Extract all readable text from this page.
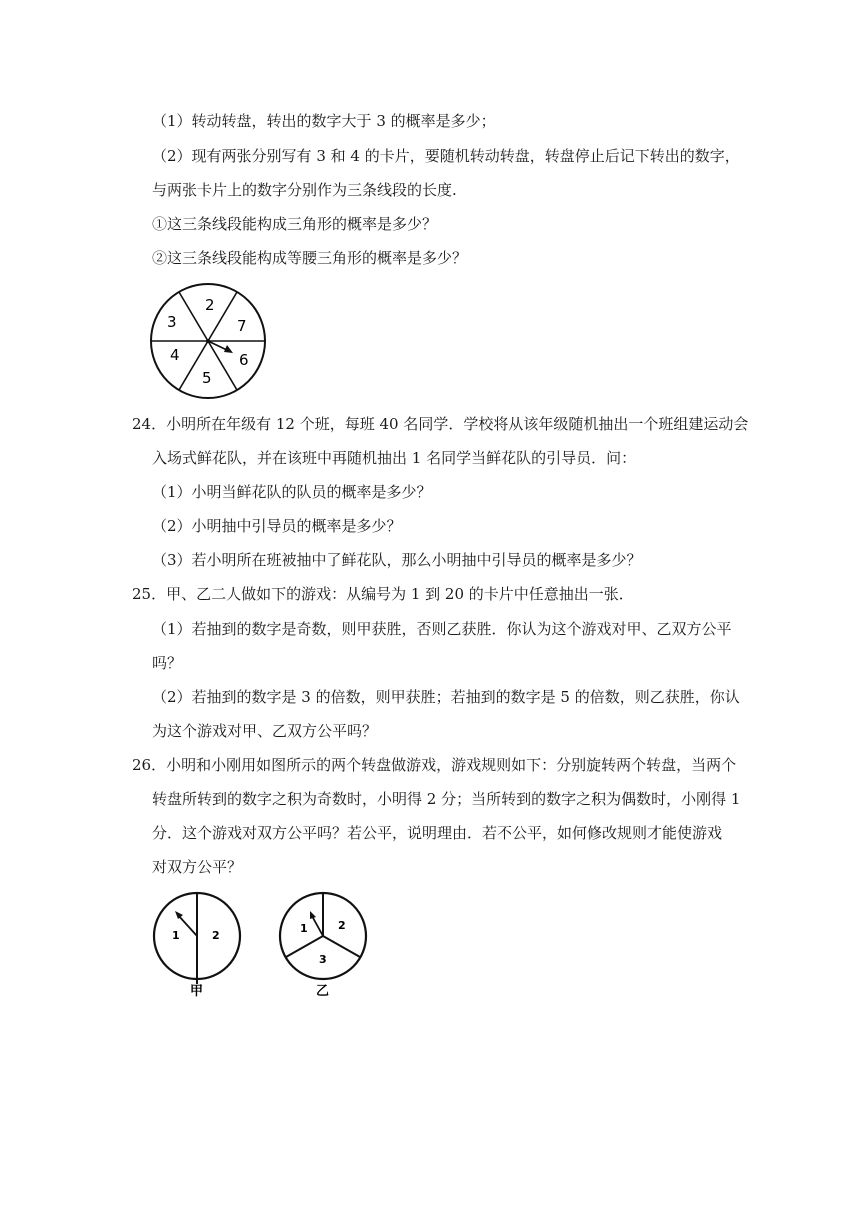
（1）转动转盘，转出的数字大于 3 的概率是多少；
（2）现有两张分别写有 3 和 4 的卡片，要随机转动转盘，转盘停止后记下转出的数字，
与两张卡片上的数字分别作为三条线段的长度.
①这三条线段能构成三角形的概率是多少？
②这三条线段能构成等腰三角形的概率是多少？
2
7
6
5
4
3
24．小明所在年级有 12 个班，每班 40 名同学．学校将从该年级随机抽出一个班组建运动会
入场式鲜花队，并在该班中再随机抽出 1 名同学当鲜花队的引导员．问：
（1）小明当鲜花队的队员的概率是多少？
（2）小明抽中引导员的概率是多少？
（3）若小明所在班被抽中了鲜花队，那么小明抽中引导员的概率是多少？
25．甲、乙二人做如下的游戏：从编号为 1 到 20 的卡片中任意抽出一张．
（1）若抽到的数字是奇数，则甲获胜，否则乙获胜．你认为这个游戏对甲、乙双方公平
吗？
（2）若抽到的数字是 3 的倍数，则甲获胜；若抽到的数字是 5 的倍数，则乙获胜，你认
为这个游戏对甲、乙双方公平吗？
26．小明和小刚用如图所示的两个转盘做游戏，游戏规则如下：分别旋转两个转盘，当两个
转盘所转到的数字之积为奇数时，小明得 2 分；当所转到的数字之积为偶数时，小刚得 1
分．这个游戏对双方公平吗？若公平，说明理由．若不公平，如何修改规则才能使游戏
对双方公平？
1	2
甲
1	2
3
乙
